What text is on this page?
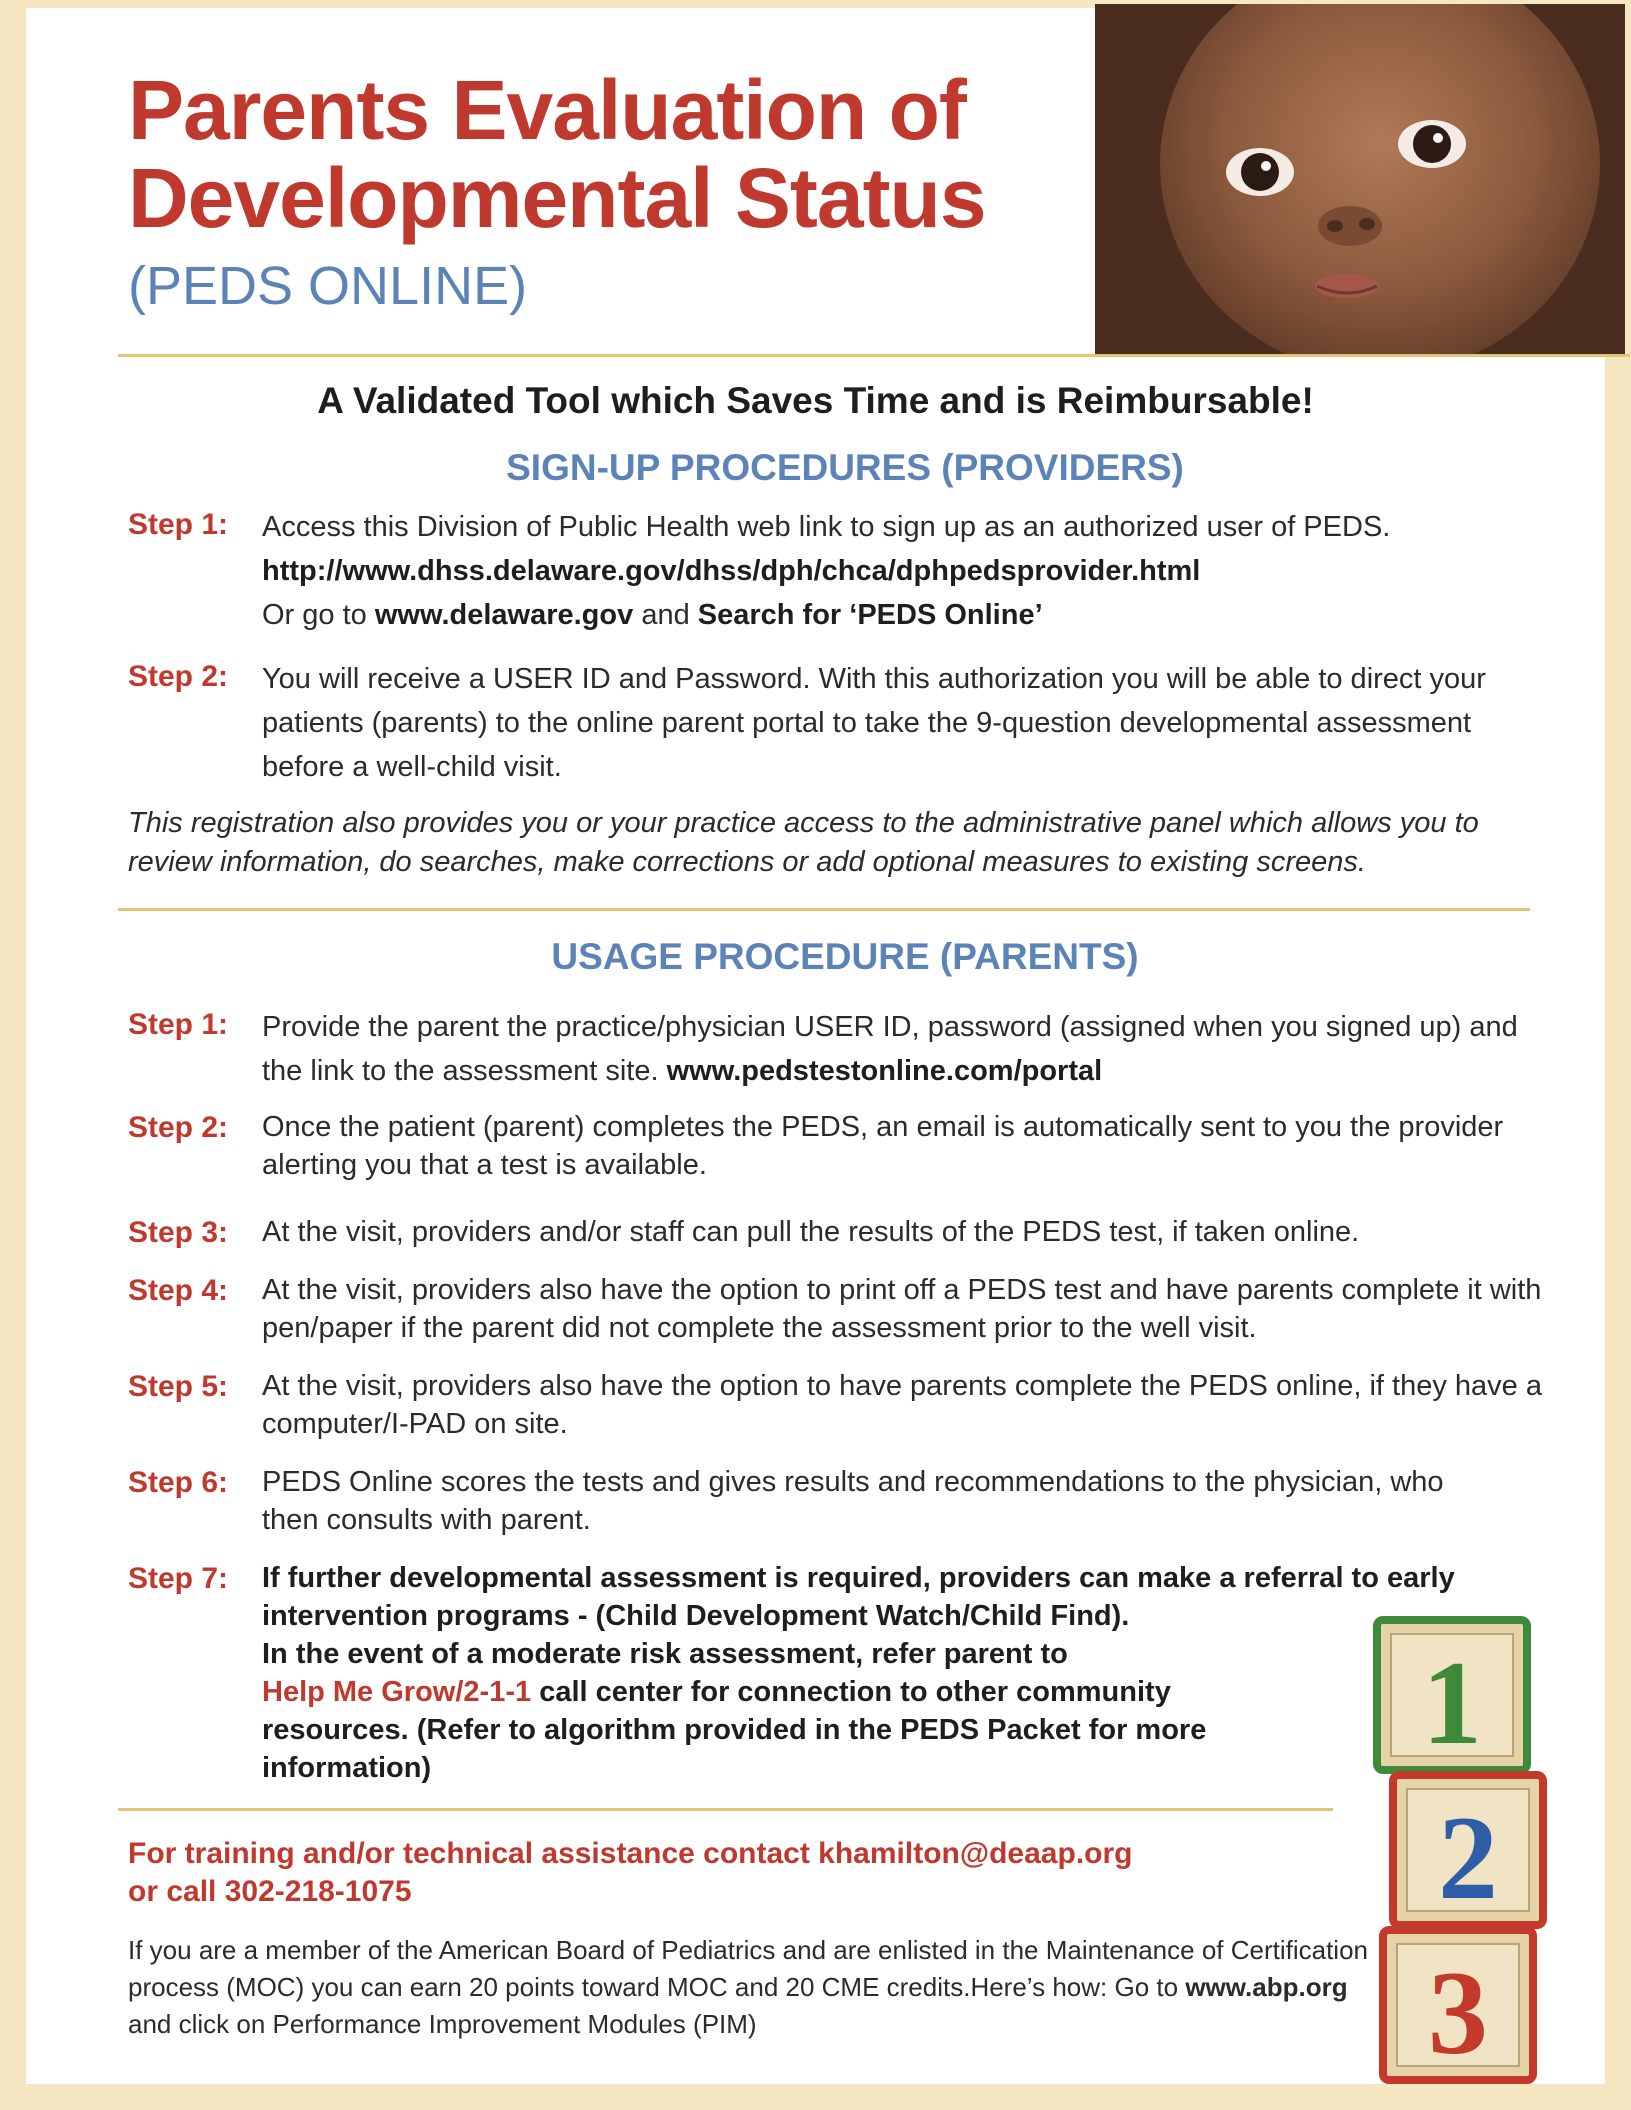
Parents Evaluation of
Developmental Status
(PEDS ONLINE)
A Validated Tool which Saves Time and is Reimbursable!
SIGN-UP PROCEDURES (PROVIDERS)
Step 1: Access this Division of Public Health web link to sign up as an authorized user of PEDS.
http://www.dhss.delaware.gov/dhss/dph/chca/dphpedsprovider.html
Or go to www.delaware.gov and Search for ‘PEDS Online’
Step 2: You will receive a USER ID and Password. With this authorization you will be able to direct your patients (parents) to the online parent portal to take the 9-question developmental assessment before a well-child visit.
This registration also provides you or your practice access to the administrative panel which allows you to review information, do searches, make corrections or add optional measures to existing screens.
USAGE PROCEDURE (PARENTS)
Step 1: Provide the parent the practice/physician USER ID, password (assigned when you signed up) and the link to the assessment site. www.pedstestonline.com/portal
Step 2: Once the patient (parent) completes the PEDS, an email is automatically sent to you the provider alerting you that a test is available.
Step 3: At the visit, providers and/or staff can pull the results of the PEDS test, if taken online.
Step 4: At the visit, providers also have the option to print off a PEDS test and have parents complete it with pen/paper if the parent did not complete the assessment prior to the well visit.
Step 5: At the visit, providers also have the option to have parents complete the PEDS online, if they have a computer/I-PAD on site.
Step 6: PEDS Online scores the tests and gives results and recommendations to the physician, who then consults with parent.
Step 7: If further developmental assessment is required, providers can make a referral to early intervention programs - (Child Development Watch/Child Find).
In the event of a moderate risk assessment, refer parent to
Help Me Grow/2-1-1 call center for connection to other community resources. (Refer to algorithm provided in the PEDS Packet for more information)
For training and/or technical assistance contact khamilton@deaap.org
or call 302-218-1075
If you are a member of the American Board of Pediatrics and are enlisted in the Maintenance of Certification process (MOC) you can earn 20 points toward MOC and 20 CME credits.Here’s how: Go to www.abp.org and click on Performance Improvement Modules (PIM)
1
2
3
